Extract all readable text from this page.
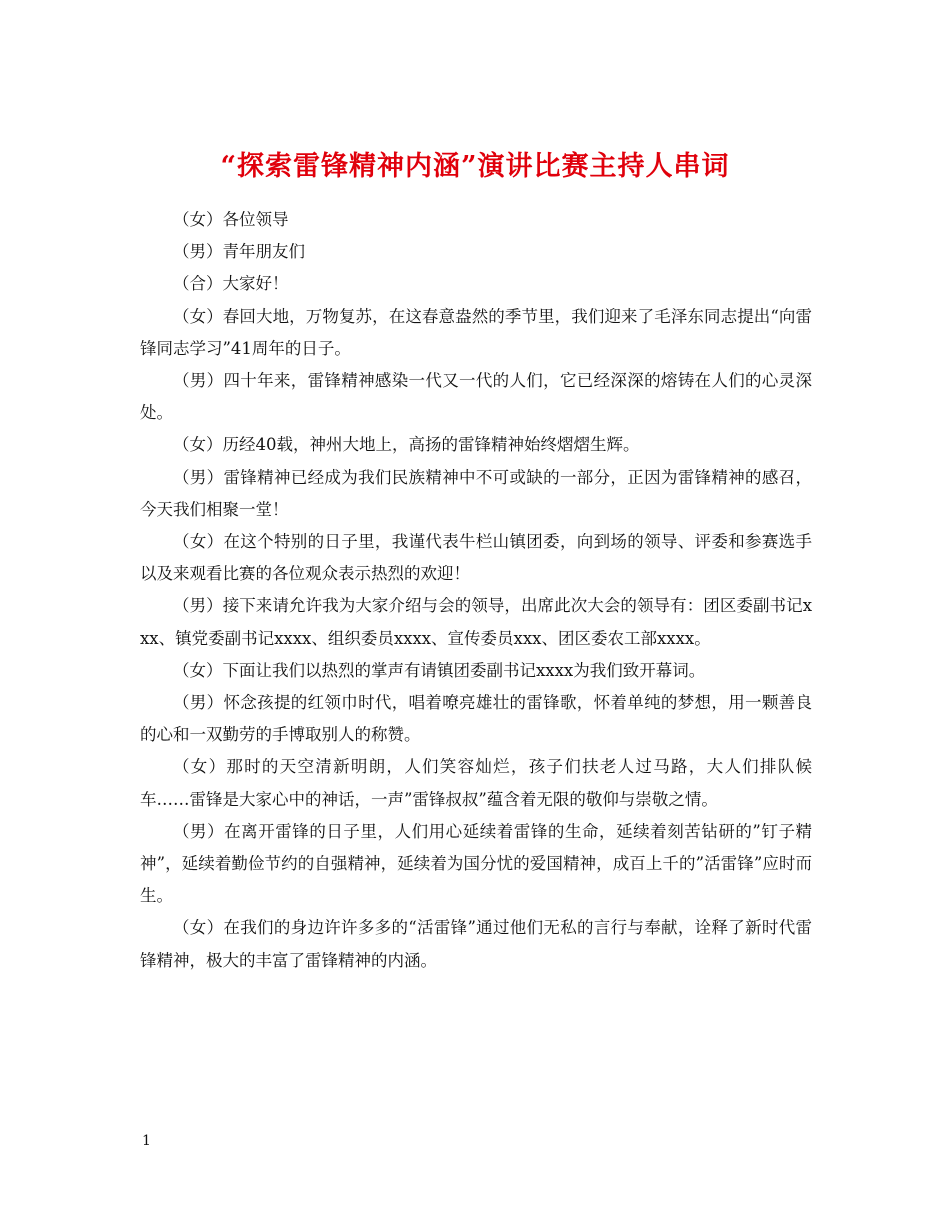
“探索雷锋精神内涵”演讲比赛主持人串词

（女）各位领导

（男）青年朋友们

（合）大家好！

（女）春回大地，万物复苏，在这春意盎然的季节里，我们迎来了毛泽东同志提出“向雷锋同志学习”41周年的日子。

（男）四十年来，雷锋精神感染一代又一代的人们，它已经深深的熔铸在人们的心灵深处。

（女）历经40载，神州大地上，高扬的雷锋精神始终熠熠生辉。

（男）雷锋精神已经成为我们民族精神中不可或缺的一部分，正因为雷锋精神的感召，今天我们相聚一堂！

（女）在这个特别的日子里，我谨代表牛栏山镇团委，向到场的领导、评委和参赛选手以及来观看比赛的各位观众表示热烈的欢迎！

（男）接下来请允许我为大家介绍与会的领导，出席此次大会的领导有：团区委副书记xxx、镇党委副书记xxxx、组织委员xxxx、宣传委员xxx、团区委农工部xxxx。

（女）下面让我们以热烈的掌声有请镇团委副书记xxxx为我们致开幕词。

（男）怀念孩提的红领巾时代，唱着嘹亮雄壮的雷锋歌，怀着单纯的梦想，用一颗善良的心和一双勤劳的手博取别人的称赞。

（女）那时的天空清新明朗，人们笑容灿烂，孩子们扶老人过马路，大人们排队候车……雷锋是大家心中的神话，一声”雷锋叔叔”蕴含着无限的敬仰与崇敬之情。

（男）在离开雷锋的日子里，人们用心延续着雷锋的生命，延续着刻苦钻研的”钉子精神”，延续着勤俭节约的自强精神，延续着为国分忧的爱国精神，成百上千的”活雷锋”应时而生。

（女）在我们的身边许许多多的“活雷锋”通过他们无私的言行与奉献，诠释了新时代雷锋精神，极大的丰富了雷锋精神的内涵。

1
